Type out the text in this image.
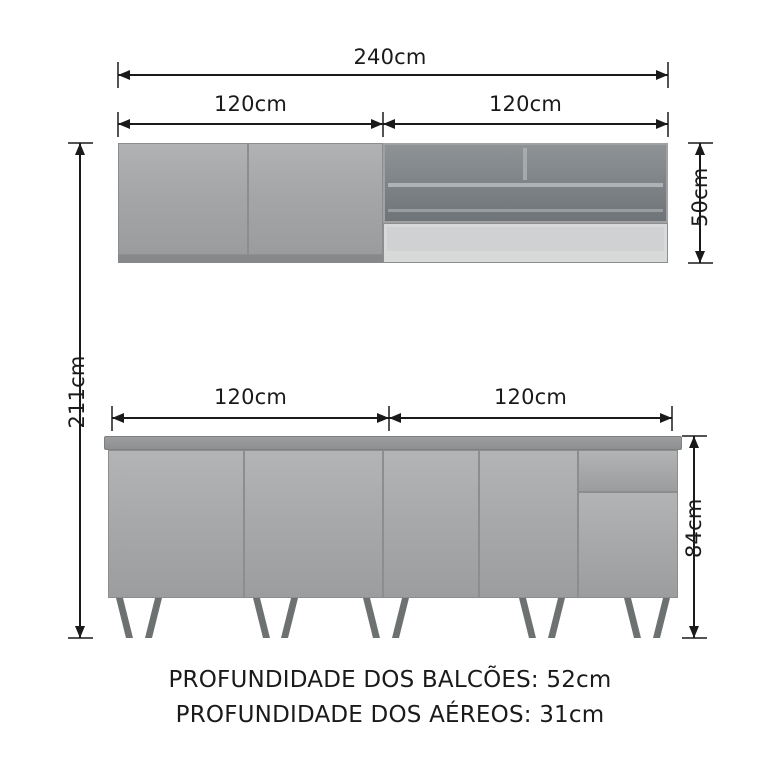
240cm
120cm	120cm
50cm
211cm	120cm	120cm
84cm
PROFUNDIDADE DOS BALCÕES: 52cm
PROFUNDIDADE DOS AÉREOS: 31cm
